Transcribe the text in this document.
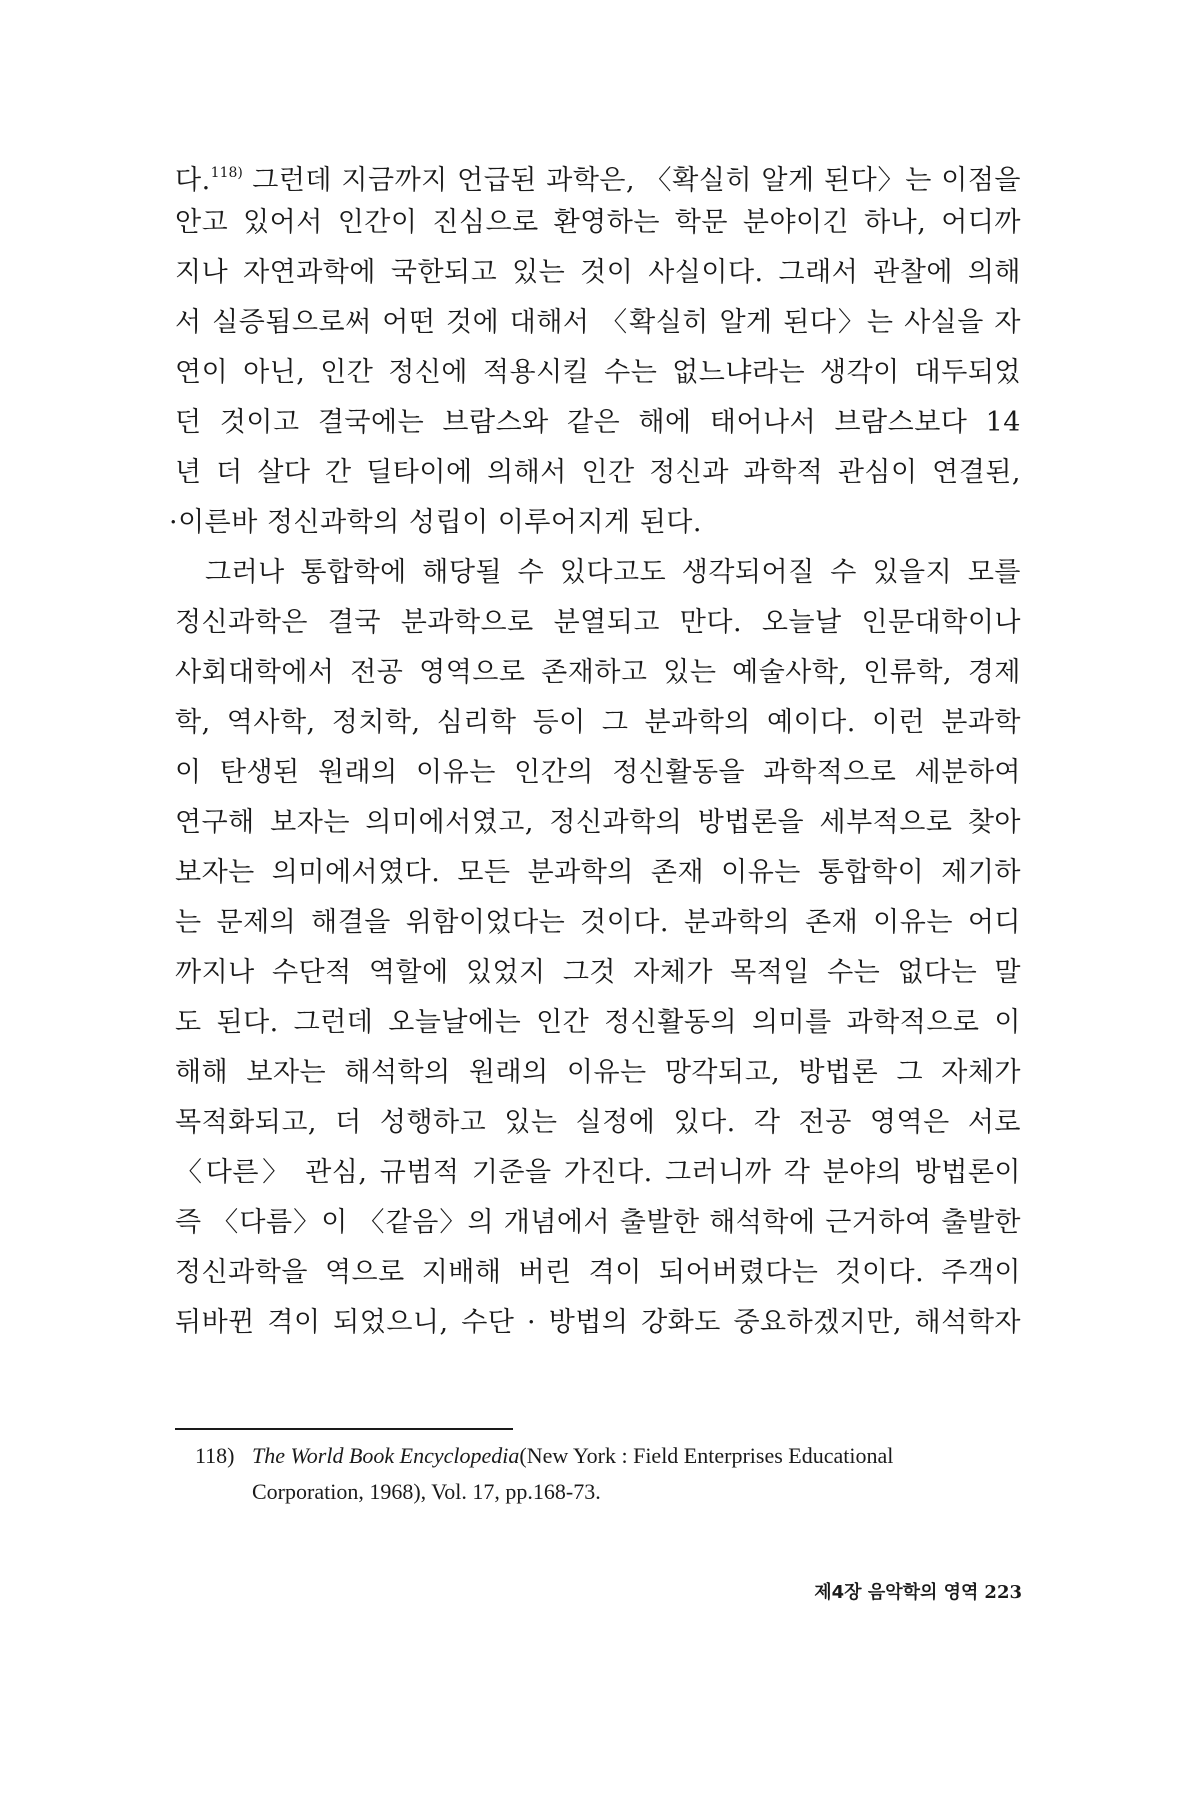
다.$^{118)}$ 그런데 지금까지 언급된 과학은, 〈확실히 알게 된다〉는 이점을
안고 있어서 인간이 진심으로 환영하는 학문 분야이긴 하나, 어디까
지나 자연과학에 국한되고 있는 것이 사실이다. 그래서 관찰에 의해
서 실증됨으로써 어떤 것에 대해서 〈확실히 알게 된다〉는 사실을 자
연이 아닌, 인간 정신에 적용시킬 수는 없느냐라는 생각이 대두되었
던 것이고 결국에는 브람스와 같은 해에 태어나서 브람스보다 14
년 더 살다 간 딜타이에 의해서 인간 정신과 과학적 관심이 연결된,
·이른바 정신과학의 성립이 이루어지게 된다.
그러나 통합학에 해당될 수 있다고도 생각되어질 수 있을지 모를
정신과학은 결국 분과학으로 분열되고 만다. 오늘날 인문대학이나
사회대학에서 전공 영역으로 존재하고 있는 예술사학, 인류학, 경제
학, 역사학, 정치학, 심리학 등이 그 분과학의 예이다. 이런 분과학
이 탄생된 원래의 이유는 인간의 정신활동을 과학적으로 세분하여
연구해 보자는 의미에서였고, 정신과학의 방법론을 세부적으로 찾아
보자는 의미에서였다. 모든 분과학의 존재 이유는 통합학이 제기하
는 문제의 해결을 위함이었다는 것이다. 분과학의 존재 이유는 어디
까지나 수단적 역할에 있었지 그것 자체가 목적일 수는 없다는 말
도 된다. 그런데 오늘날에는 인간 정신활동의 의미를 과학적으로 이
해해 보자는 해석학의 원래의 이유는 망각되고, 방법론 그 자체가
목적화되고, 더 성행하고 있는 실정에 있다. 각 전공 영역은 서로
〈다른〉 관심, 규범적 기준을 가진다. 그러니까 각 분야의 방법론이
즉 〈다름〉이 〈같음〉의 개념에서 출발한 해석학에 근거하여 출발한
정신과학을 역으로 지배해 버린 격이 되어버렸다는 것이다. 주객이
뒤바뀐 격이 되었으니, 수단 · 방법의 강화도 중요하겠지만, 해석학자
118) The World Book Encyclopedia(New York : Field Enterprises Educational
Corporation, 1968), Vol. 17, pp.168-73.
제4장 음악학의 영역 223
